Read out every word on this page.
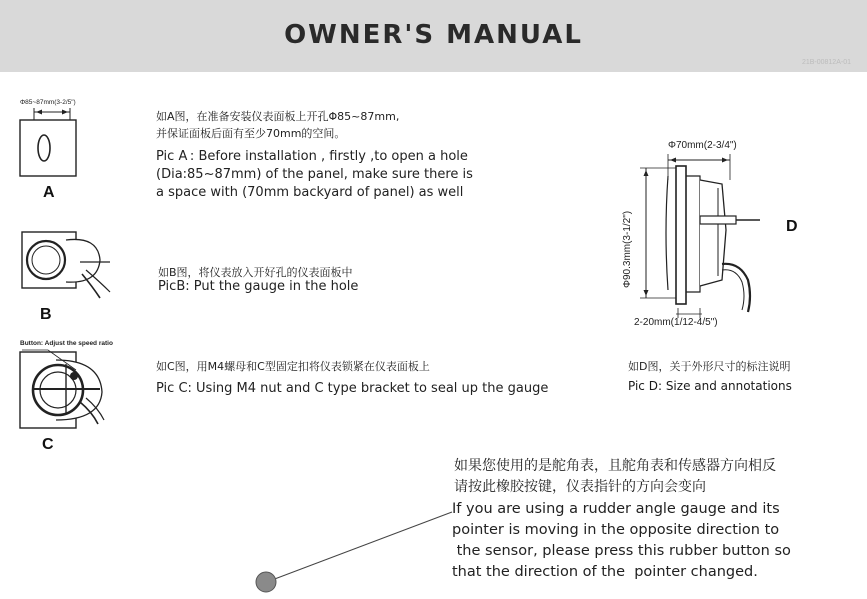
OWNER'S MANUAL
21B-00812A-01
Φ85~87mm(3-2/5")
A
如A图，在准备安装仪表面板上开孔Φ85~87mm,
并保证面板后面有至少70mm的空间。
Pic A : Before installation , firstly ,to open a hole
(Dia:85~87mm) of the panel, make sure there is
a space with (70mm backyard of panel) as well
B
如B图，将仪表放入开好孔的仪表面板中
PicB: Put the gauge in the hole
Button: Adjust the speed ratio
C
如C图，用M4螺母和C型固定扣将仪表锁紧在仪表面板上
Pic C: Using M4 nut and C type bracket to seal up the gauge
Φ70mm(2-3/4")
Φ90.3mm(3-1/2")
2-20mm(1/12-4/5")
D
如D图，关于外形尺寸的标注说明
Pic D: Size and annotations
如果您使用的是舵角表，且舵角表和传感器方向相反
请按此橡胶按键，仪表指针的方向会变向
If you are using a rudder angle gauge and its
pointer is moving in the opposite direction to
the sensor, please press this rubber button so
that the direction of the  pointer changed.
